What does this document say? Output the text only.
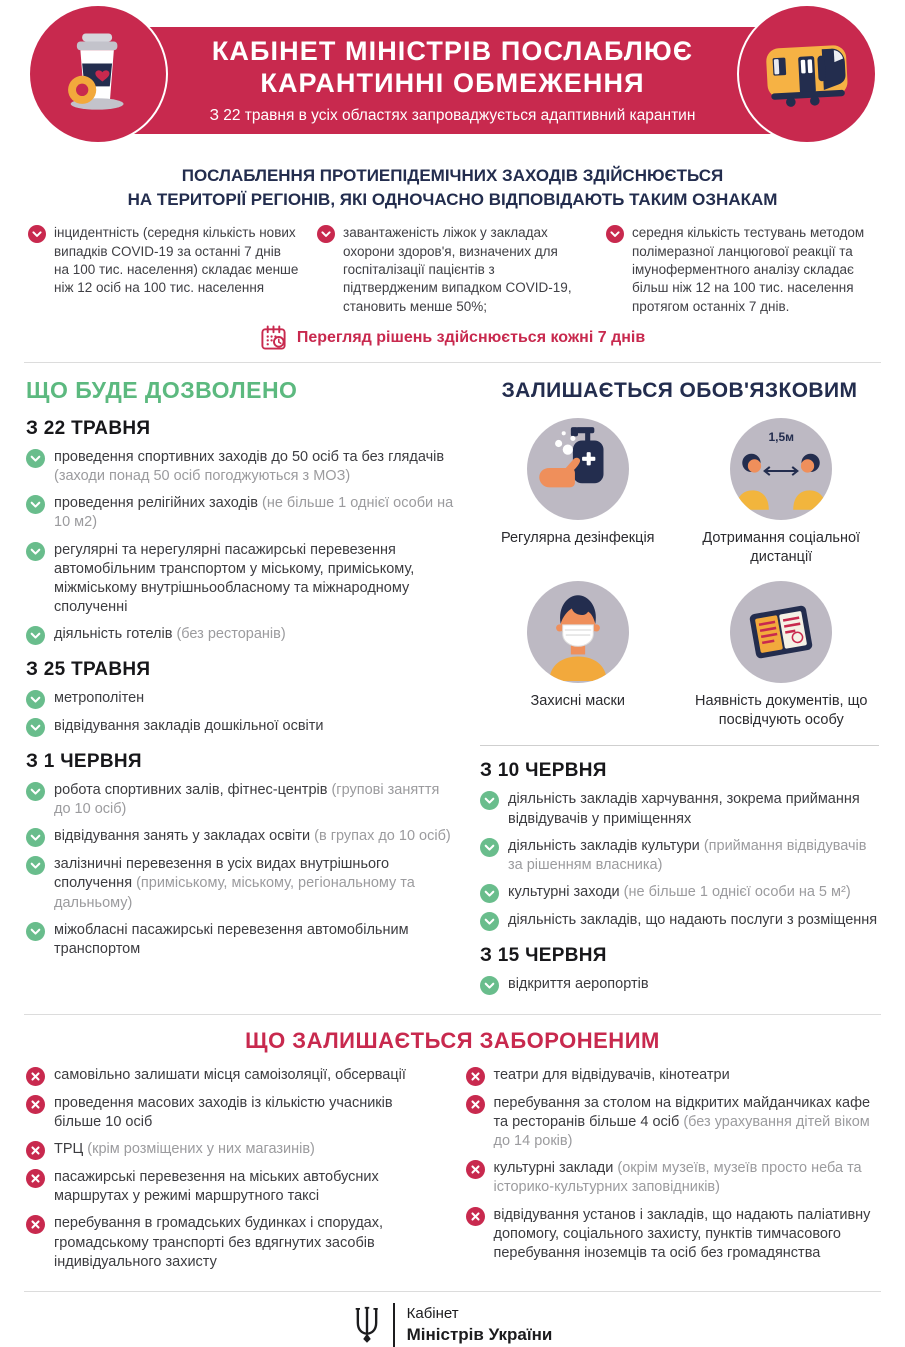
КАБІНЕТ МІНІСТРІВ ПОСЛАБЛЮЄ
КАРАНТИННІ ОБМЕЖЕННЯ
З 22 травня в усіх областях запроваджується адаптивний карантин
ПОСЛАБЛЕННЯ ПРОТИЕПІДЕМІЧНИХ ЗАХОДІВ ЗДІЙСНЮЄТЬСЯ
НА ТЕРИТОРІЇ РЕГІОНІВ, ЯКІ ОДНОЧАСНО ВІДПОВІДАЮТЬ ТАКИМ ОЗНАКАМ
інцидентність (середня кількість нових випадків COVID-19 за останні 7 днів на 100 тис. населення) складає менше ніж 12 осіб на 100 тис. населення
завантаженість ліжок у закладах охорони здоров'я, визначених для госпіталізації пацієнтів з підтвердженим випадком COVID-19, становить менше 50%;
середня кількість тестувань методом полімеразної ланцюгової реакції та імуноферментного аналізу складає більш ніж 12 на 100 тис. населення протягом останніх 7 днів.
Перегляд рішень здійснюється кожні 7 днів
ЩО БУДЕ ДОЗВОЛЕНО
З 22 ТРАВНЯ
проведення спортивних заходів до 50 осіб та без глядачів (заходи понад 50 осіб погоджуються з МОЗ)
проведення релігійних заходів (не більше 1 однієї особи на 10 м2)
регулярні та нерегулярні пасажирські перевезення автомобільним транспортом у міському, приміському, міжміському внутрішньообласному та міжнародному сполученні
діяльність готелів (без ресторанів)
З 25 ТРАВНЯ
метрополітен
відвідування закладів дошкільної освіти
З 1 ЧЕРВНЯ
робота спортивних залів, фітнес-центрів (групові заняття до 10 осіб)
відвідування занять у закладах освіти (в групах до 10 осіб)
залізничні перевезення в усіх видах внутрішнього сполучення (приміському, міському, регіональному та дальньому)
міжобласні пасажирські перевезення автомобільним транспортом
ЗАЛИШАЄТЬСЯ ОБОВ'ЯЗКОВИМ
Регулярна дезінфекція
1,5м
Дотримання соціальної дистанції
Захисні маски	Наявність документів, що посвідчують особу
З 10 ЧЕРВНЯ
діяльність закладів харчування, зокрема приймання відвідувачів у приміщеннях
діяльність закладів культури (приймання відвідувачів за рішенням власника)
культурні заходи (не більше 1 однієї особи на 5 м²)
діяльність закладів, що надають послуги з розміщення
З 15 ЧЕРВНЯ
відкриття аеропортів
ЩО ЗАЛИШАЄТЬСЯ ЗАБОРОНЕНИМ
самовільно залишати місця самоізоляції, обсервації
проведення масових заходів із кількістю учасників більше 10 осіб
ТРЦ (крім розміщених у них магазинів)
пасажирські перевезення на міських автобусних маршрутах у режимі маршрутного таксі
перебування в громадських будинках і спорудах, громадському транспорті без вдягнутих засобів індивідуального захисту
театри для відвідувачів, кінотеатри
перебування за столом на відкритих майданчиках кафе та ресторанів більше 4 осіб (без урахування дітей віком до 14 років)
культурні заклади (окрім музеїв, музеїв просто неба та історико-культурних заповідників)
відвідування установ і закладів, що надають паліативну допомогу, соціального захисту, пунктів тимчасового перебування іноземців та осіб без громадянства
Кабінет
Міністрів України
